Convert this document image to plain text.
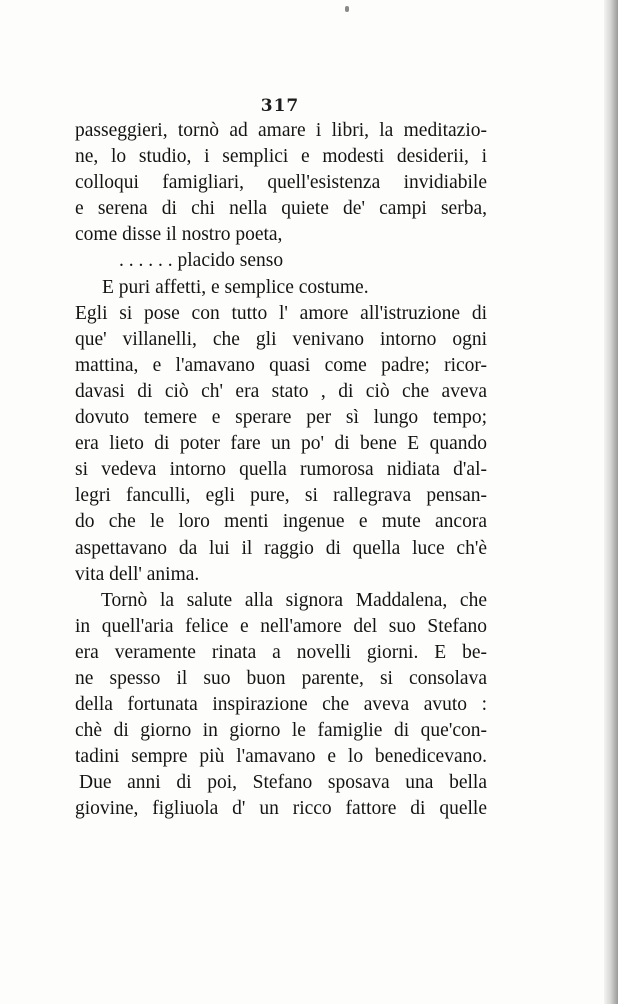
317
passeggieri, tornò ad amare i libri, la meditazio-
ne, lo studio, i semplici e modesti desiderii, i
colloqui famigliari, quell'esistenza invidiabile
e serena di chi nella quiete de' campi serba,
come disse il nostro poeta,
. . . . . . placido senso
E puri affetti, e semplice costume.
Egli si pose con tutto l' amore all'istruzione di
que' villanelli, che gli venivano intorno ogni
mattina, e l'amavano quasi come padre; ricor-
davasi di ciò ch' era stato , di ciò che aveva
dovuto temere e sperare per sì lungo tempo;
era lieto di poter fare un po' di bene E quando
si vedeva intorno quella rumorosa nidiata d'al-
legri fanculli, egli pure, si rallegrava pensan-
do che le loro menti ingenue e mute ancora
aspettavano da lui il raggio di quella luce ch'è
vita dell' anima.
Tornò la salute alla signora Maddalena, che
in quell'aria felice e nell'amore del suo Stefano
era veramente rinata a novelli giorni. E be-
ne spesso il suo buon parente, si consolava
della fortunata inspirazione che aveva avuto :
chè di giorno in giorno le famiglie di que'con-
tadini sempre più l'amavano e lo benedicevano.
Due anni di poi, Stefano sposava una bella
giovine, figliuola d' un ricco fattore di quelle
